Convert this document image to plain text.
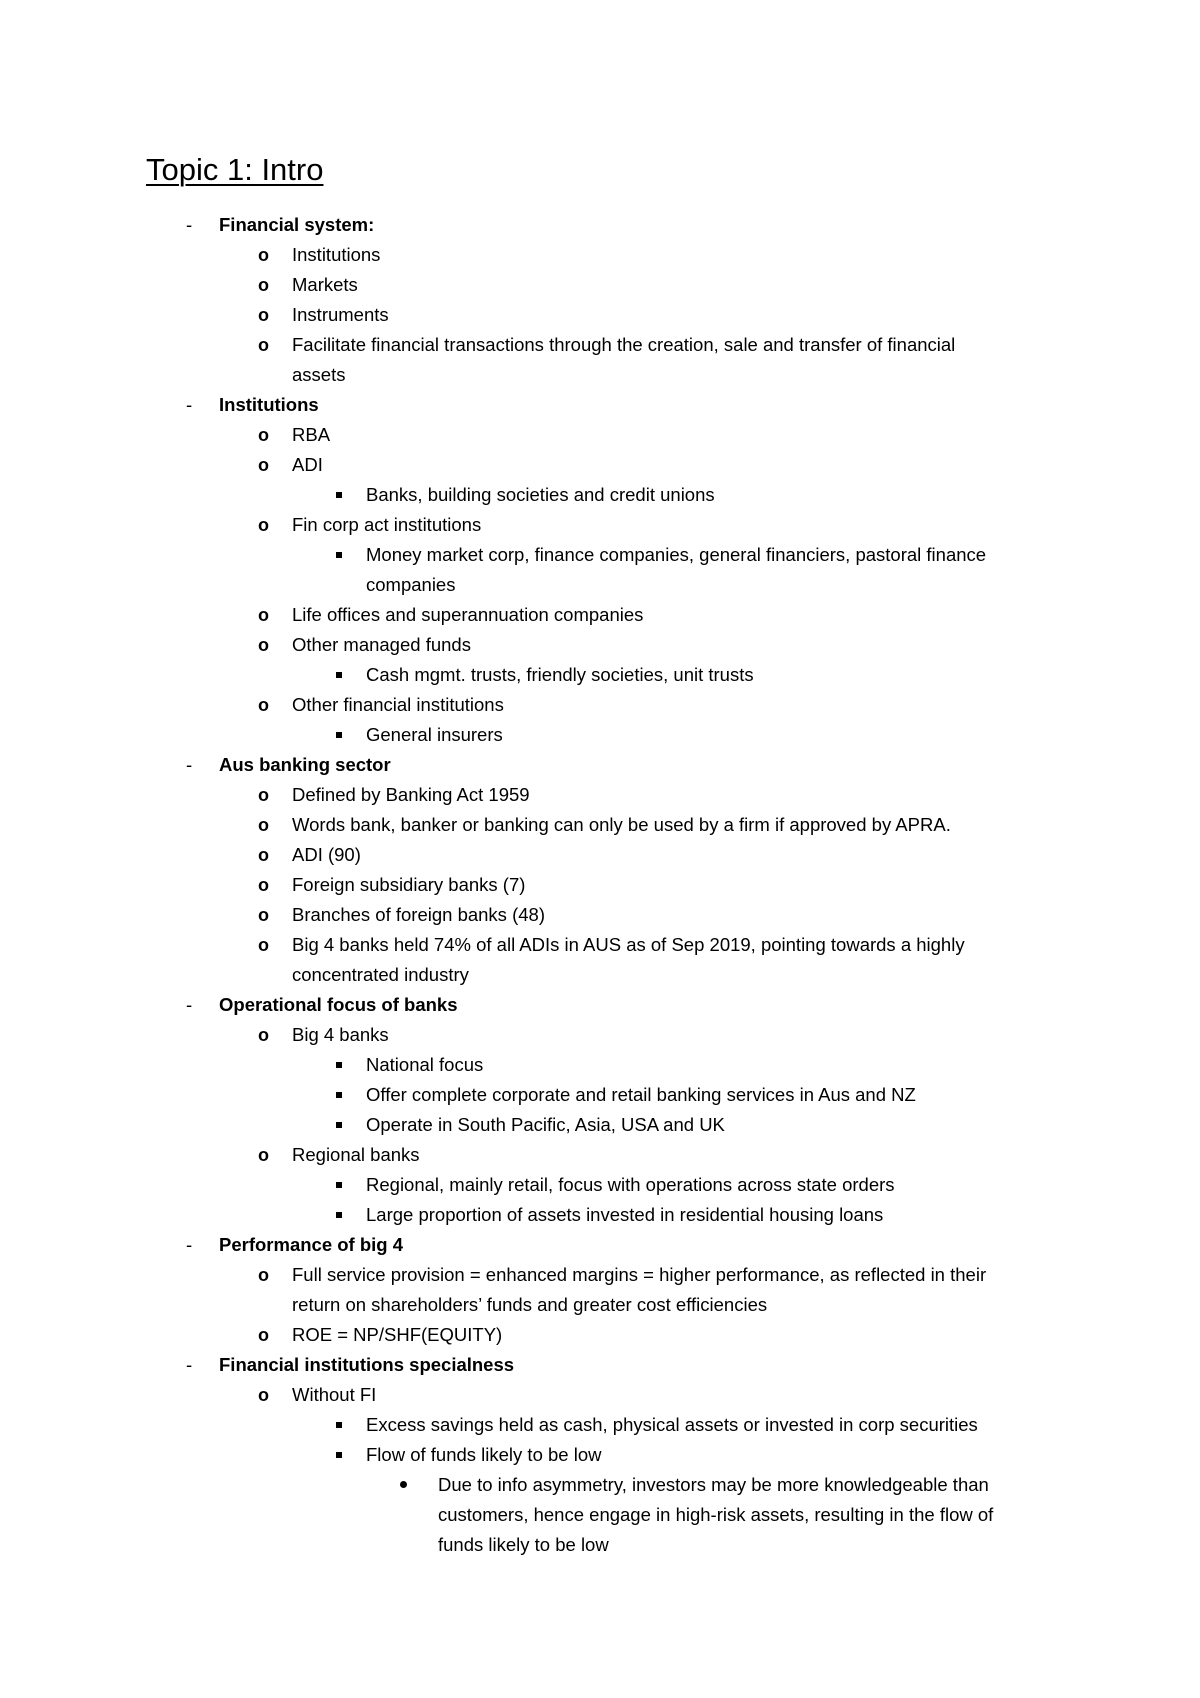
Topic 1: Intro
- Financial system:
o Institutions
o Markets
o Instruments
o Facilitate financial transactions through the creation, sale and transfer of financial
assets
- Institutions
o RBA
o ADI
Banks, building societies and credit unions
o Fin corp act institutions
Money market corp, finance companies, general financiers, pastoral finance
companies
o Life offices and superannuation companies
o Other managed funds
Cash mgmt. trusts, friendly societies, unit trusts
o Other financial institutions
General insurers
- Aus banking sector
o Defined by Banking Act 1959
o Words bank, banker or banking can only be used by a firm if approved by APRA.
o ADI (90)
o Foreign subsidiary banks (7)
o Branches of foreign banks (48)
o Big 4 banks held 74% of all ADIs in AUS as of Sep 2019, pointing towards a highly
concentrated industry
- Operational focus of banks
o Big 4 banks
National focus
Offer complete corporate and retail banking services in Aus and NZ
Operate in South Pacific, Asia, USA and UK
o Regional banks
Regional, mainly retail, focus with operations across state orders
Large proportion of assets invested in residential housing loans
- Performance of big 4
o Full service provision = enhanced margins = higher performance, as reflected in their
return on shareholders’ funds and greater cost efficiencies
o ROE = NP/SHF(EQUITY)
- Financial institutions specialness
o Without FI
Excess savings held as cash, physical assets or invested in corp securities
Flow of funds likely to be low
Due to info asymmetry, investors may be more knowledgeable than
customers, hence engage in high-risk assets, resulting in the flow of
funds likely to be low
